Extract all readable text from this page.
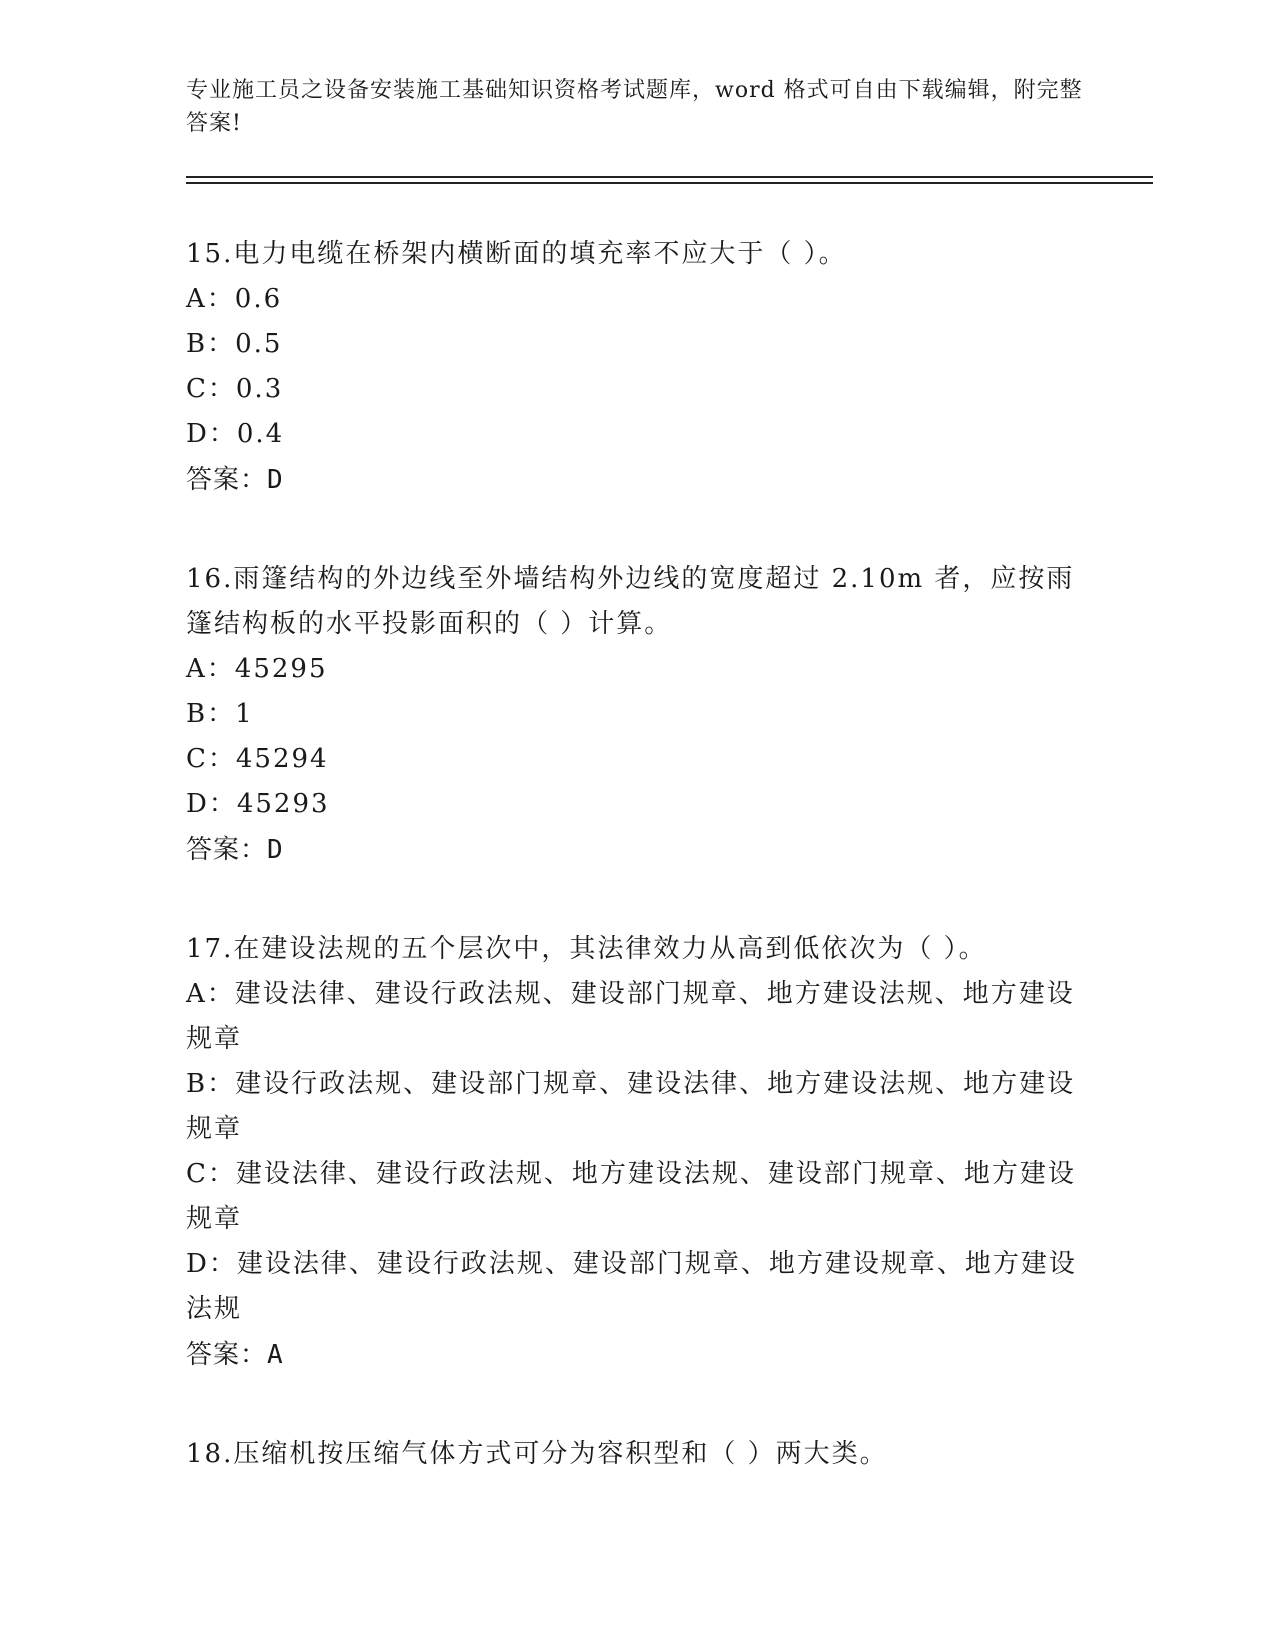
专业施工员之设备安装施工基础知识资格考试题库，word 格式可自由下载编辑，附完整答案!
15.电力电缆在桥架内横断面的填充率不应大于（ ）。
A：0.6
B：0.5
C：0.3
D：0.4
答案：D
16.雨篷结构的外边线至外墙结构外边线的宽度超过 2.10m 者，应按雨篷结构板的水平投影面积的（ ）计算。
A：45295
B：1
C：45294
D：45293
答案：D
17.在建设法规的五个层次中，其法律效力从高到低依次为（ ）。
A：建设法律、建设行政法规、建设部门规章、地方建设法规、地方建设规章
B：建设行政法规、建设部门规章、建设法律、地方建设法规、地方建设规章
C：建设法律、建设行政法规、地方建设法规、建设部门规章、地方建设规章
D：建设法律、建设行政法规、建设部门规章、地方建设规章、地方建设法规
答案：A
18.压缩机按压缩气体方式可分为容积型和（ ）两大类。
